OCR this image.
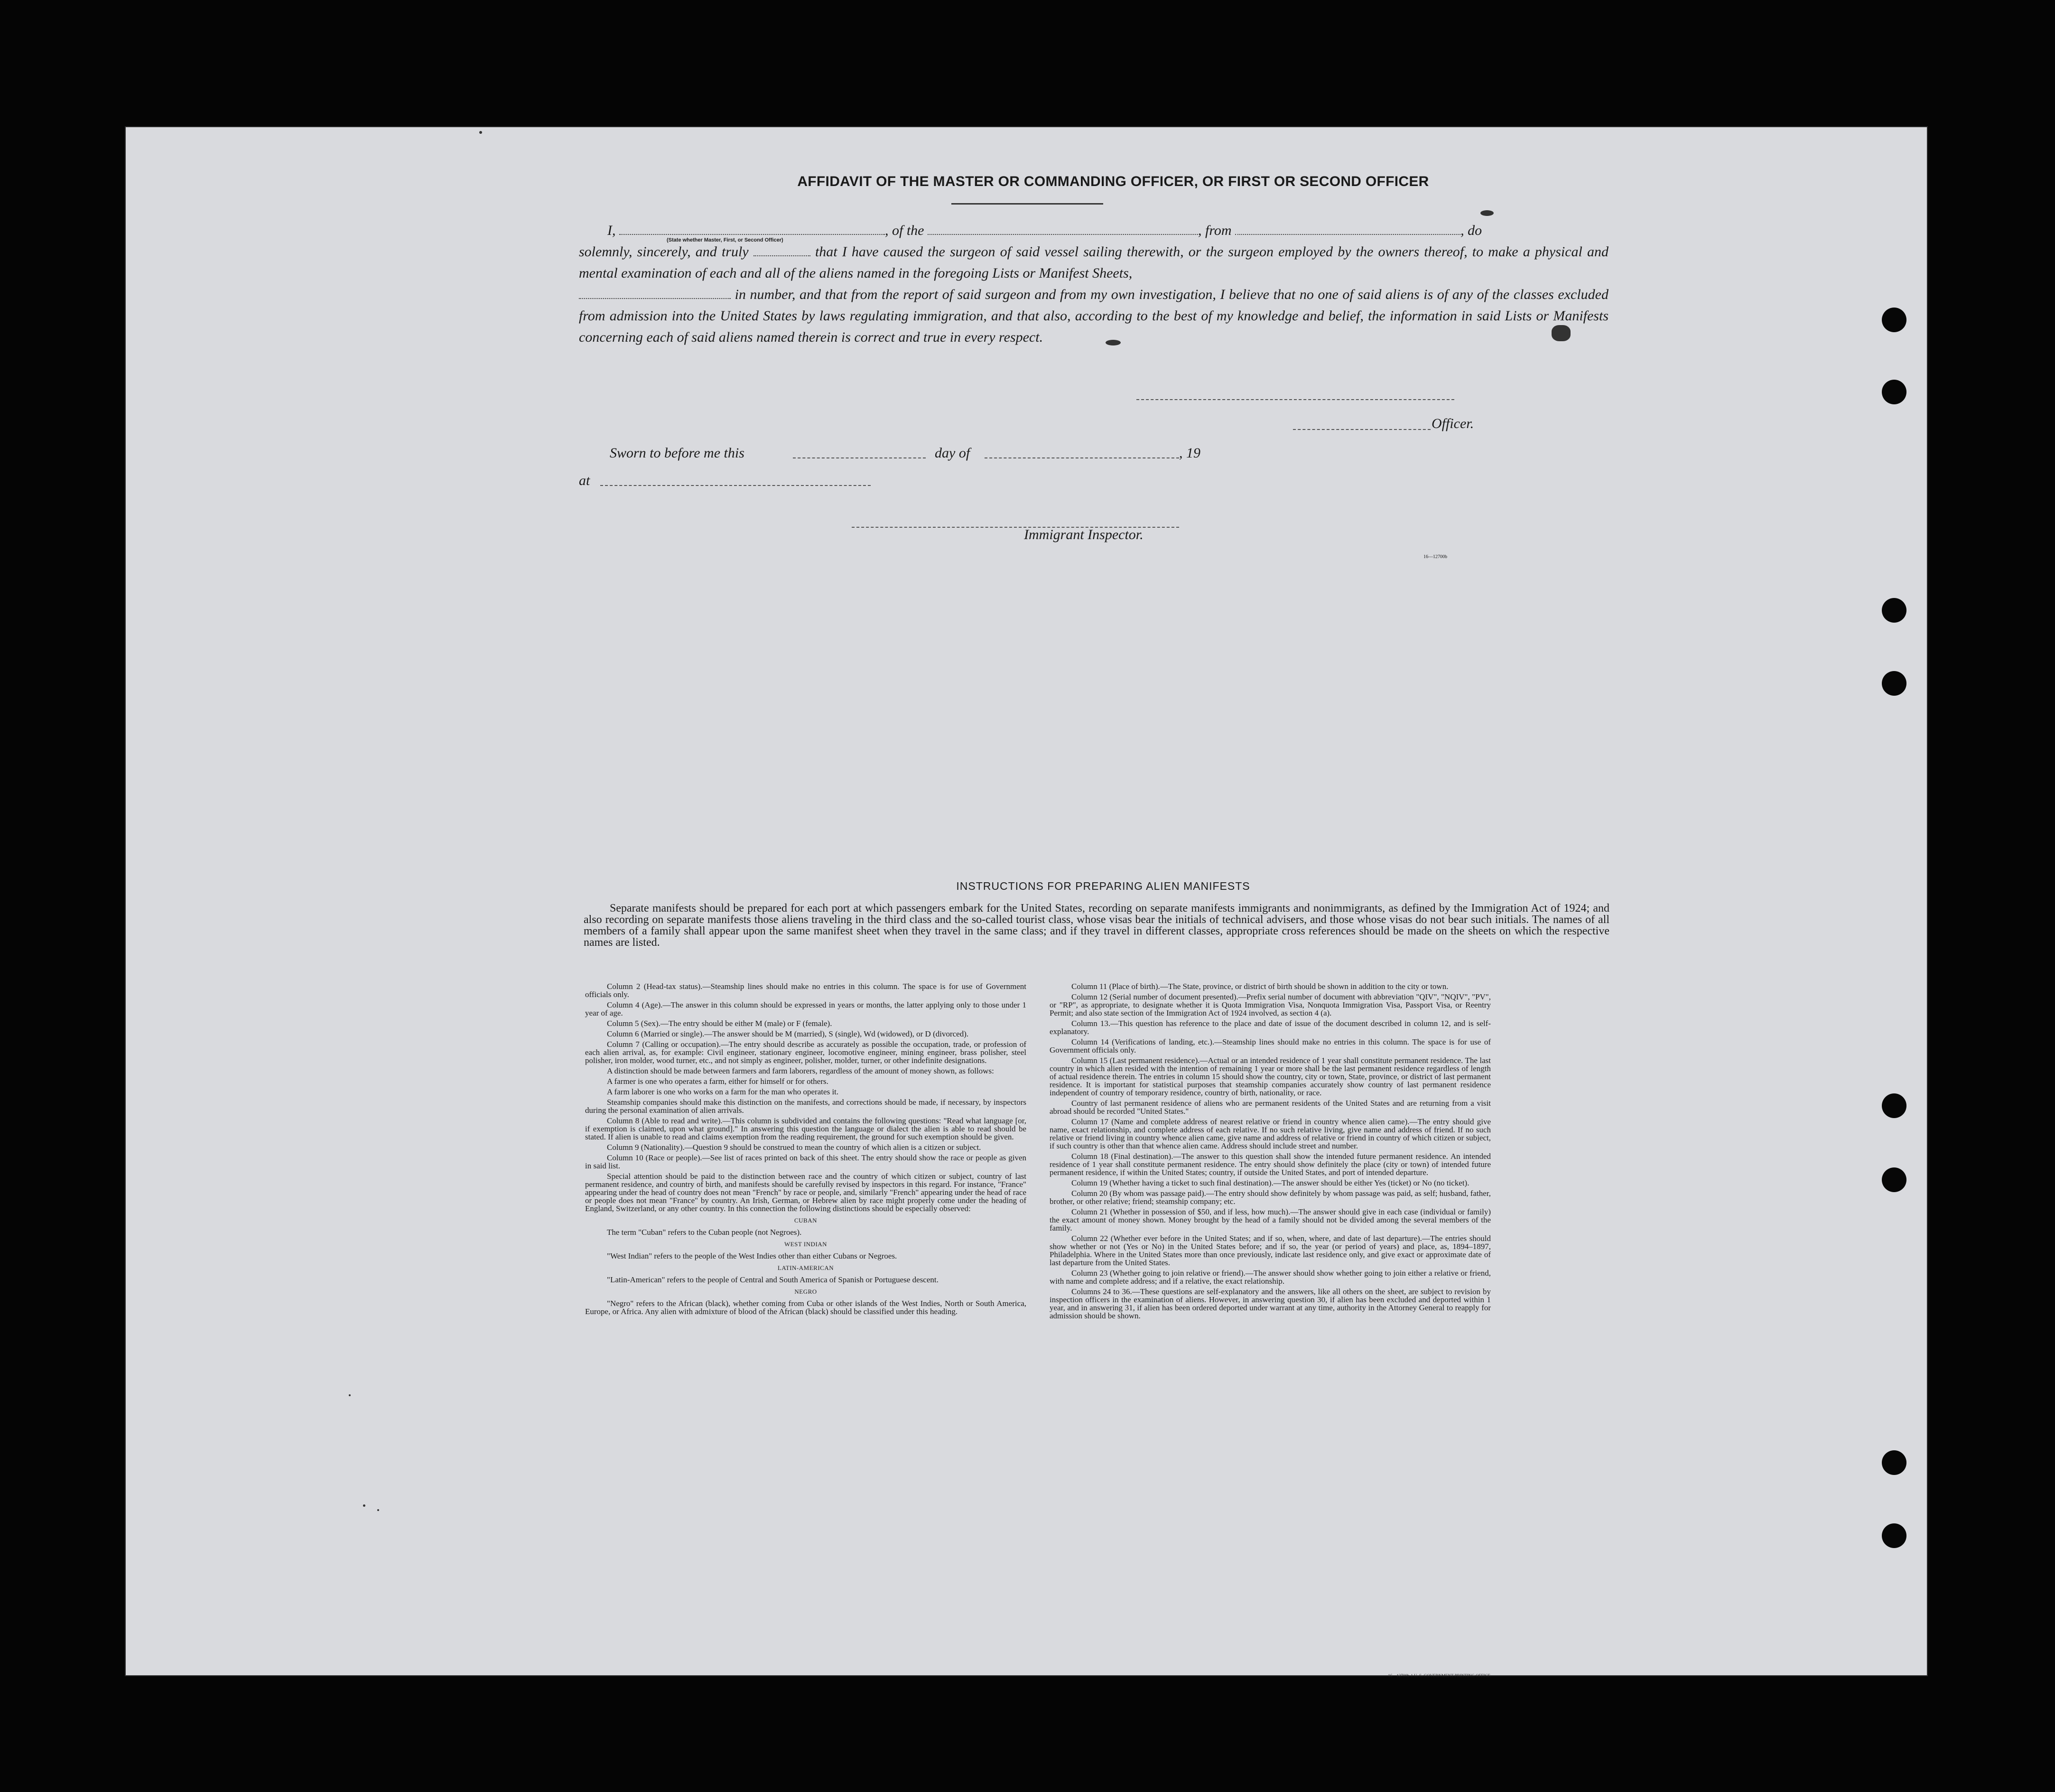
AFFIDAVIT OF THE MASTER OR COMMANDING OFFICER, OR FIRST OR SECOND OFFICER
I,	, of the	, from	, do
solemnly, sincerely, and truly	that I have caused the surgeon of said vessel sailing therewith, or the surgeon employed by the owners thereof, to make a physical and mental examination of each and all of the aliens named in the foregoing Lists or Manifest Sheets,
in number, and that from the report of said surgeon and from my own investigation, I believe that no one of said aliens is of any of the classes excluded from admission into the United States by laws regulating immigration, and that also, according to the best of my knowledge and belief, the information in said Lists or Manifests concerning each of said aliens named therein is correct and true in every respect.
(State whether Master, First, or Second Officer)
Officer.
Sworn to before me this	day of	, 19
at
Immigrant Inspector.
16—12700b
INSTRUCTIONS FOR PREPARING ALIEN MANIFESTS
Separate manifests should be prepared for each port at which passengers embark for the United States, recording on separate manifests immigrants and nonimmigrants, as defined by the Immigration Act of 1924; and also recording on separate manifests those aliens traveling in the third class and the so-called tourist class, whose visas bear the initials of technical advisers, and those whose visas do not bear such initials. The names of all members of a family shall appear upon the same manifest sheet when they travel in the same class; and if they travel in different classes, appropriate cross references should be made on the sheets on which the respective names are listed.

Column 2 (Head-tax status).—Steamship lines should make no entries in this column. The space is for use of Government officials only.

Column 4 (Age).—The answer in this column should be expressed in years or months, the latter applying only to those under 1 year of age.

Column 5 (Sex).—The entry should be either M (male) or F (female).

Column 6 (Married or single).—The answer should be M (married), S (single), Wd (widowed), or D (divorced).

Column 7 (Calling or occupation).—The entry should describe as accurately as possible the occupation, trade, or profession of each alien arrival, as, for example: Civil engineer, stationary engineer, locomotive engineer, mining engineer, brass polisher, steel polisher, iron molder, wood turner, etc., and not simply as engineer, polisher, molder, turner, or other indefinite designations.

A distinction should be made between farmers and farm laborers, regardless of the amount of money shown, as follows:

A farmer is one who operates a farm, either for himself or for others.

A farm laborer is one who works on a farm for the man who operates it.

Steamship companies should make this distinction on the manifests, and corrections should be made, if necessary, by inspectors during the personal examination of alien arrivals.

Column 8 (Able to read and write).—This column is subdivided and contains the following questions: "Read what language [or, if exemption is claimed, upon what ground]." In answering this question the language or dialect the alien is able to read should be stated. If alien is unable to read and claims exemption from the reading requirement, the ground for such exemption should be given.

Column 9 (Nationality).—Question 9 should be construed to mean the country of which alien is a citizen or subject.

Column 10 (Race or people).—See list of races printed on back of this sheet. The entry should show the race or people as given in said list.

Special attention should be paid to the distinction between race and the country of which citizen or subject, country of last permanent residence, and country of birth, and manifests should be carefully revised by inspectors in this regard. For instance, "France" appearing under the head of country does not mean "French" by race or people, and, similarly "French" appearing under the head of race or people does not mean "France" by country. An Irish, German, or Hebrew alien by race might properly come under the heading of England, Switzerland, or any other country. In this connection the following distinctions should be especially observed:

CUBAN

The term "Cuban" refers to the Cuban people (not Negroes).

WEST INDIAN

"West Indian" refers to the people of the West Indies other than either Cubans or Negroes.

LATIN-AMERICAN

"Latin-American" refers to the people of Central and South America of Spanish or Portuguese descent.

NEGRO

"Negro" refers to the African (black), whether coming from Cuba or other islands of the West Indies, North or South America, Europe, or Africa. Any alien with admixture of blood of the African (black) should be classified under this heading.

Column 11 (Place of birth).—The State, province, or district of birth should be shown in addition to the city or town.

Column 12 (Serial number of document presented).—Prefix serial number of document with abbreviation "QIV", "NQIV", "PV", or "RP", as appropriate, to designate whether it is Quota Immigration Visa, Nonquota Immigration Visa, Passport Visa, or Reentry Permit; and also state section of the Immigration Act of 1924 involved, as section 4 (a).

Column 13.—This question has reference to the place and date of issue of the document described in column 12, and is self-explanatory.

Column 14 (Verifications of landing, etc.).—Steamship lines should make no entries in this column. The space is for use of Government officials only.

Column 15 (Last permanent residence).—Actual or an intended residence of 1 year shall constitute permanent residence. The last country in which alien resided with the intention of remaining 1 year or more shall be the last permanent residence regardless of length of actual residence therein. The entries in column 15 should show the country, city or town, State, province, or district of last permanent residence. It is important for statistical purposes that steamship companies accurately show country of last permanent residence independent of country of temporary residence, country of birth, nationality, or race.

Country of last permanent residence of aliens who are permanent residents of the United States and are returning from a visit abroad should be recorded "United States."

Column 17 (Name and complete address of nearest relative or friend in country whence alien came).—The entry should give name, exact relationship, and complete address of each relative. If no such relative living, give name and address of friend. If no such relative or friend living in country whence alien came, give name and address of relative or friend in country of which citizen or subject, if such country is other than that whence alien came. Address should include street and number.

Column 18 (Final destination).—The answer to this question shall show the intended future permanent residence. An intended residence of 1 year shall constitute permanent residence. The entry should show definitely the place (city or town) of intended future permanent residence, if within the United States; country, if outside the United States, and port of intended departure.

Column 19 (Whether having a ticket to such final destination).—The answer should be either Yes (ticket) or No (no ticket).

Column 20 (By whom was passage paid).—The entry should show definitely by whom passage was paid, as self; husband, father, brother, or other relative; friend; steamship company; etc.

Column 21 (Whether in possession of $50, and if less, how much).—The answer should give in each case (individual or family) the exact amount of money shown. Money brought by the head of a family should not be divided among the several members of the family.

Column 22 (Whether ever before in the United States; and if so, when, where, and date of last departure).—The entries should show whether or not (Yes or No) in the United States before; and if so, the year (or period of years) and place, as, 1894–1897, Philadelphia. Where in the United States more than once previously, indicate last residence only, and give exact or approximate date of last departure from the United States.

Column 23 (Whether going to join relative or friend).—The answer should show whether going to join either a relative or friend, with name and complete address; and if a relative, the exact relationship.

Columns 24 to 36.—These questions are self-explanatory and the answers, like all others on the sheet, are subject to revision by inspection officers in the examination of aliens. However, in answering question 30, if alien has been excluded and deported within 1 year, and in answering 31, if alien has been ordered deported under warrant at any time, authority in the Attorney General to reapply for admission should be shown.

16—12700b-1 U. S. GOVERNMENT PRINTING OFFICE
